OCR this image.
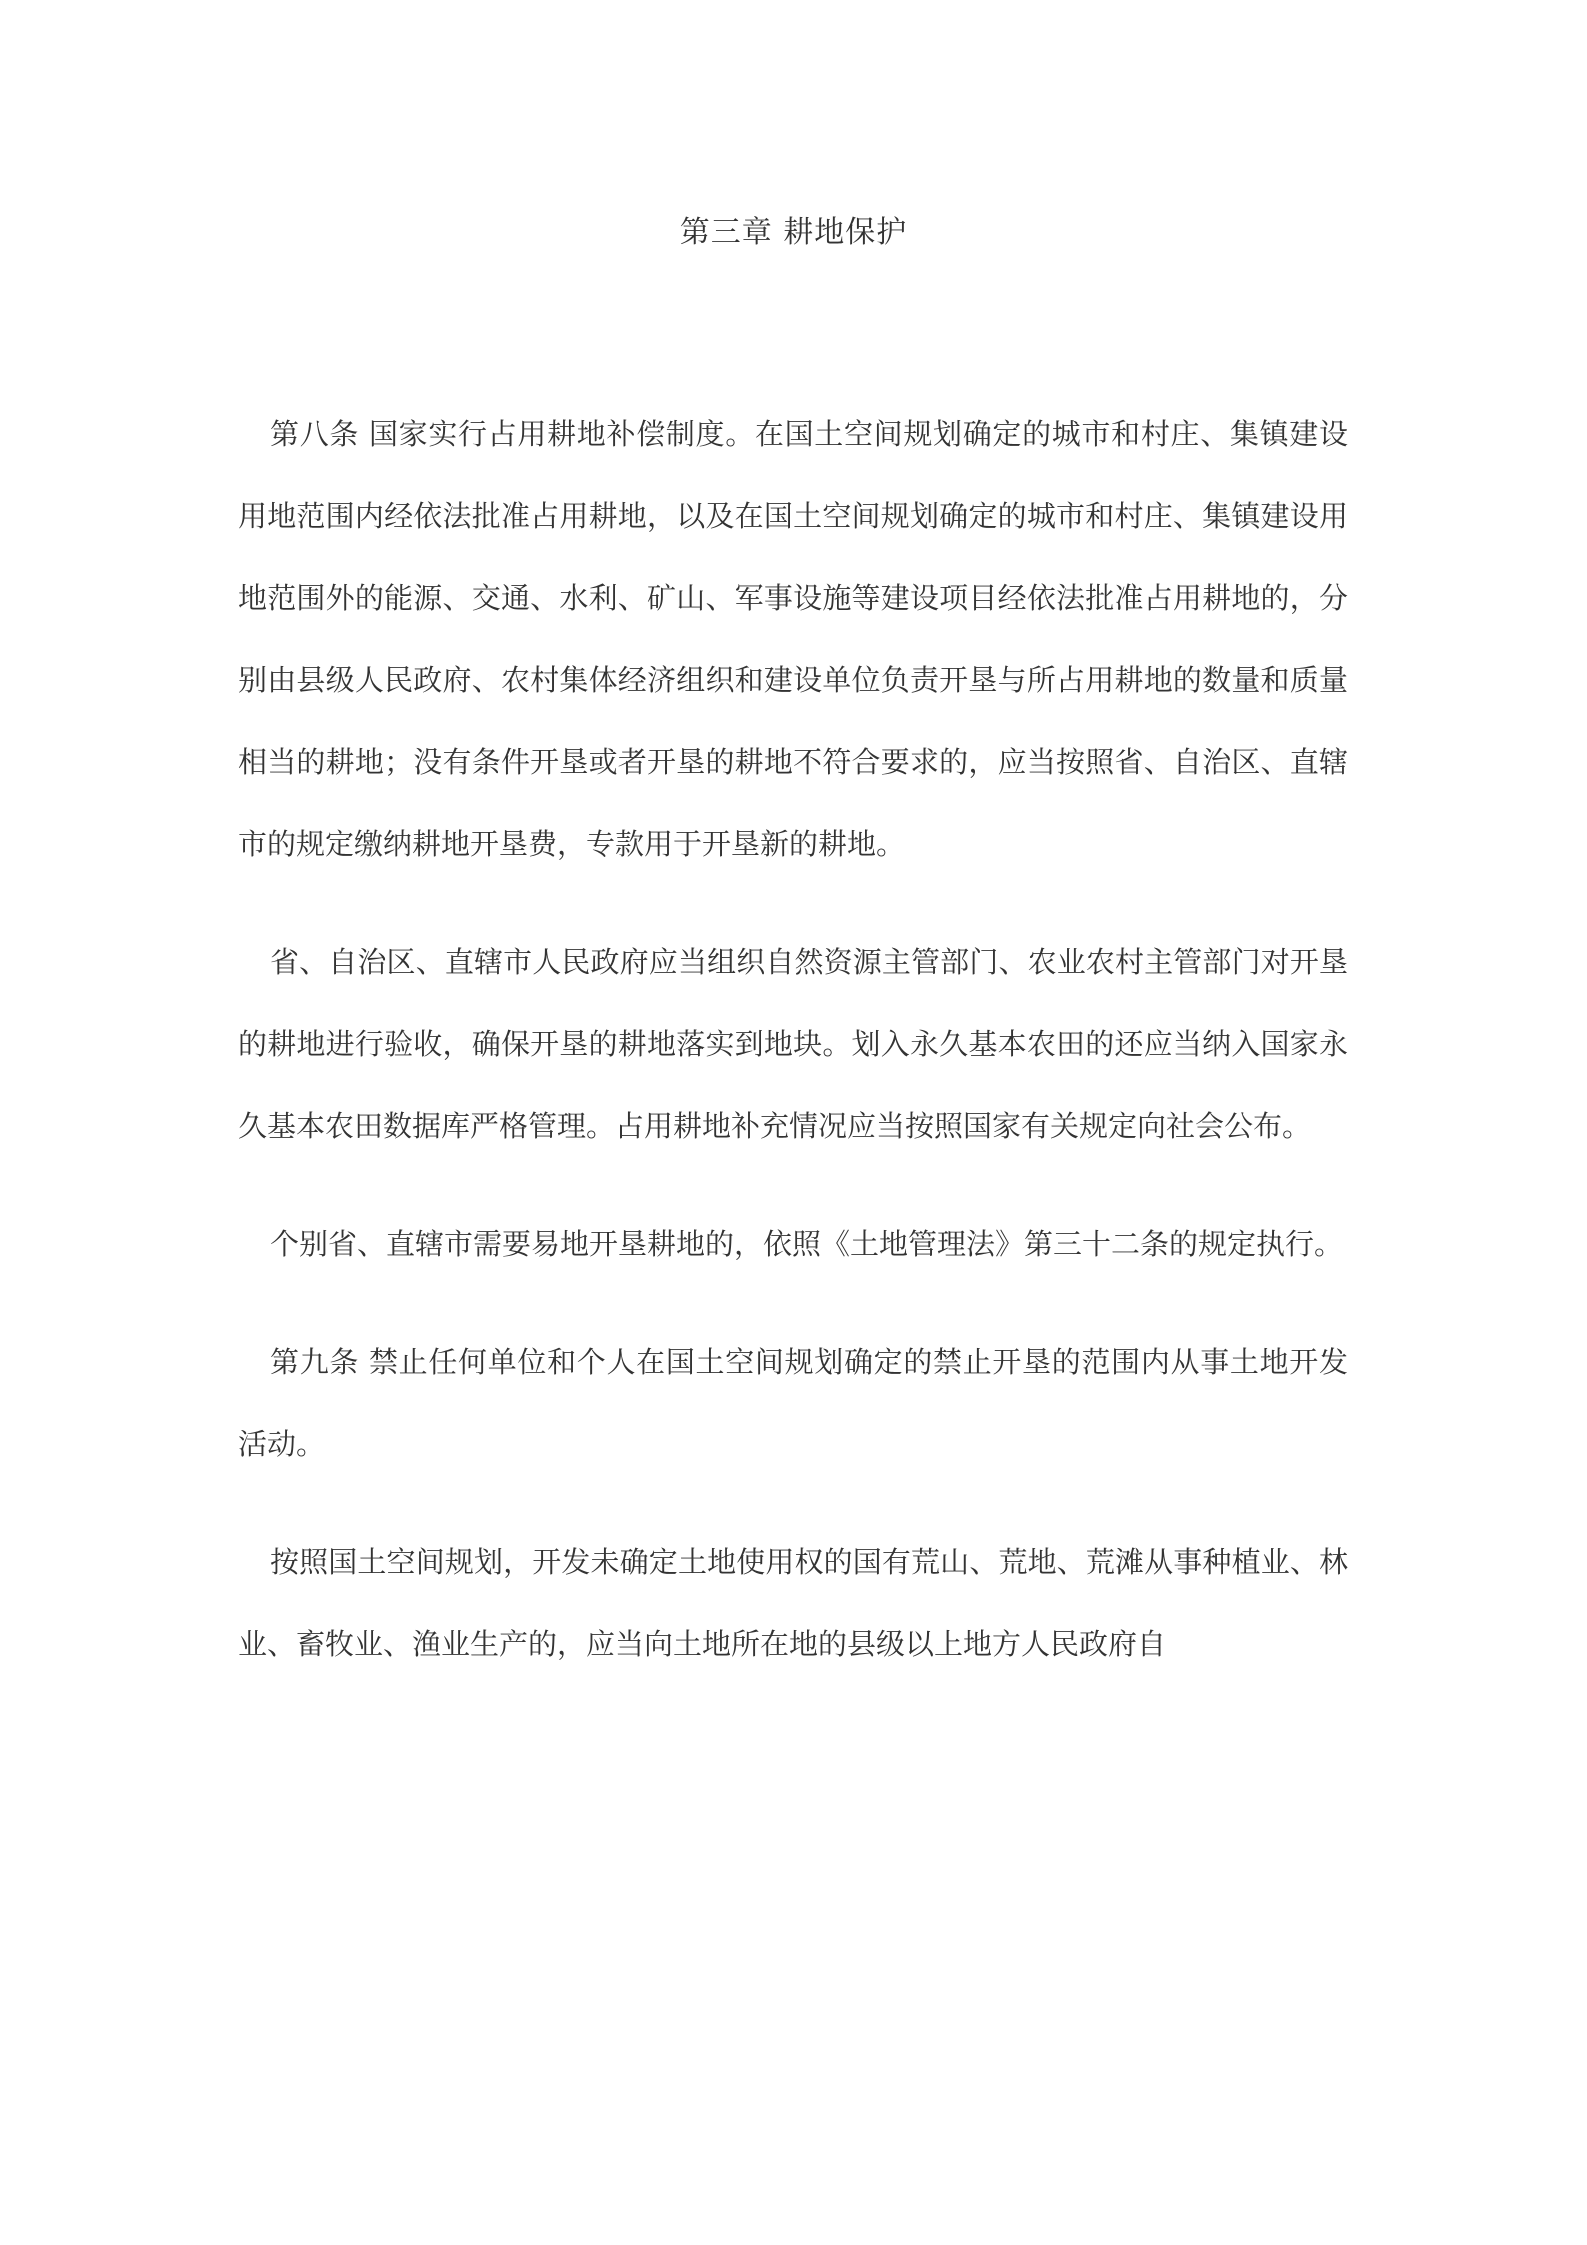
第三章 耕地保护

第八条 国家实行占用耕地补偿制度。在国土空间规划确定的城市和村庄、集镇建设用地范围内经依法批准占用耕地，以及在国土空间规划确定的城市和村庄、集镇建设用地范围外的能源、交通、水利、矿山、军事设施等建设项目经依法批准占用耕地的，分别由县级人民政府、农村集体经济组织和建设单位负责开垦与所占用耕地的数量和质量相当的耕地；没有条件开垦或者开垦的耕地不符合要求的，应当按照省、自治区、直辖市的规定缴纳耕地开垦费，专款用于开垦新的耕地。

省、自治区、直辖市人民政府应当组织自然资源主管部门、农业农村主管部门对开垦的耕地进行验收，确保开垦的耕地落实到地块。划入永久基本农田的还应当纳入国家永久基本农田数据库严格管理。占用耕地补充情况应当按照国家有关规定向社会公布。

个别省、直辖市需要易地开垦耕地的，依照《土地管理法》第三十二条的规定执行。

第九条 禁止任何单位和个人在国土空间规划确定的禁止开垦的范围内从事土地开发活动。

按照国土空间规划，开发未确定土地使用权的国有荒山、荒地、荒滩从事种植业、林业、畜牧业、渔业生产的，应当向土地所在地的县级以上地方人民政府自
